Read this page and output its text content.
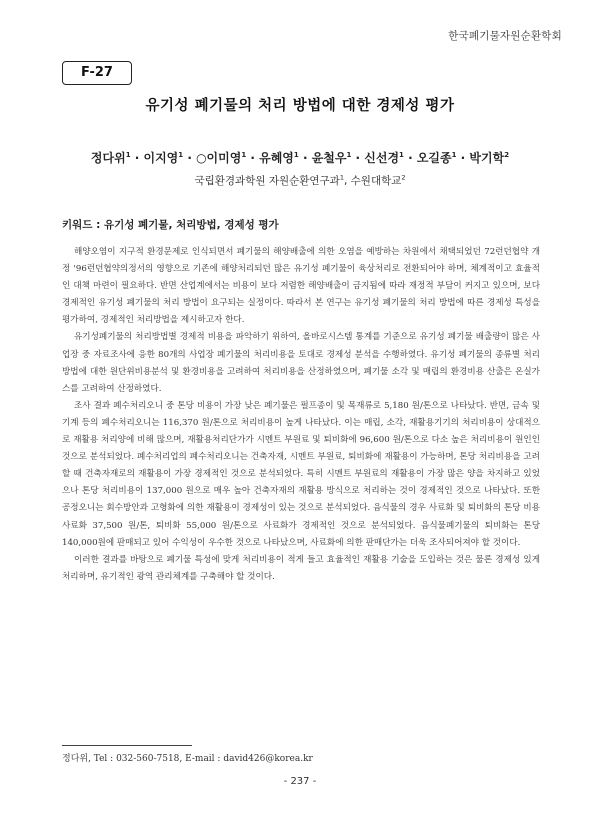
한국폐기물자원순환학회
F-27
유기성 폐기물의 처리 방법에 대한 경제성 평가
정다위$^1$ · 이지영$^1$ · ○이미영$^1$ · 유혜영$^1$ · 윤철우$^1$ · 신선경$^1$ · 오길종$^1$ · 박기학$^2$
국립환경과학원 자원순환연구과$^1$, 수원대학교$^2$
키워드 : 유기성 폐기물, 처리방법, 경제성 평가

해양오염이 지구적 환경문제로 인식되면서 폐기물의 해양배출에 의한 오염을 예방하는 차원에서 채택되었던 72런던협약 개정 '96런던협약의정서의 영향으로 기존에 해양처리되던 많은 유기성 폐기물이 육상처리로 전환되어야 하며, 체계적이고 효율적인 대책 마련이 필요하다. 반면 산업계에서는 비용이 보다 저렴한 해양배출이 금지됨에 따라 재정적 부담이 커지고 있으며, 보다 경제적인 유기성 폐기물의 처리 방법이 요구되는 실정이다. 따라서 본 연구는 유기성 폐기물의 처리 방법에 따른 경제성 특성을 평가하여, 경제적인 처리방법을 제시하고자 한다.

유기성폐기물의 처리방법별 경제적 비용을 파악하기 위하여, 올바로시스템 통계를 기준으로 유기성 폐기물 배출량이 많은 사업장 중 자료조사에 응한 80개의 사업장 폐기물의 처리비용을 토대로 경제성 분석을 수행하였다. 유기성 폐기물의 종류별 처리방법에 대한 원단위비용분석 및 환경비용을 고려하여 처리비용을 산정하였으며, 폐기물 소각 및 매립의 환경비용 산출은 온실가스를 고려하여 산정하였다.

조사 결과 폐수처리오니 중 톤당 비용이 가장 낮은 폐기물은 펄프종이 및 목재류로 5,180 원/톤으로 나타났다. 반면, 금속 및 기계 등의 폐수처리오니는 116,370 원/톤으로 처리비용이 높게 나타났다. 이는 매립, 소각, 재활용기기의 처리비용이 상대적으로 재활용 처리양에 비해 많으며, 재활용처리단가가 시멘트 부원료 및 퇴비화에 96,600 원/톤으로 다소 높은 처리비용이 원인인 것으로 분석되었다. 폐수처리업의 폐수처리오니는 건축자재, 시멘트 부원료, 퇴비화에 재활용이 가능하며, 톤당 처리비용을 고려할 때 건축자재로의 재활용이 가장 경제적인 것으로 분석되었다. 특히 시멘트 부원료의 재활용이 가장 많은 양을 차지하고 있었으나 톤당 처리비용이 137,000 원으로 매우 높아 건축자재의 재활용 방식으로 처리하는 것이 경제적인 것으로 나타났다. 또한 공정오니는 회수방안과 고형화에 의한 재활용이 경제성이 있는 것으로 분석되었다. 음식물의 경우 사료화 및 퇴비화의 톤당 비용 사료화 37,500 원/톤, 퇴비화 55,000 원/톤으로 사료화가 경제적인 것으로 분석되었다. 음식물폐기물의 퇴비화는 톤당 140,000원에 판매되고 있어 수익성이 우수한 것으로 나타났으며, 사료화에 의한 판매단가는 더욱 조사되어져야 할 것이다.

이러한 결과를 바탕으로 폐기물 특성에 맞게 처리비용이 적게 들고 효율적인 재활용 기술을 도입하는 것은 물론 경제성 있게 처리하며, 유기적인 광역 관리체계를 구축해야 할 것이다.

정다위, Tel : 032-560-7518, E-mail : david426@korea.kr
- 237 -
